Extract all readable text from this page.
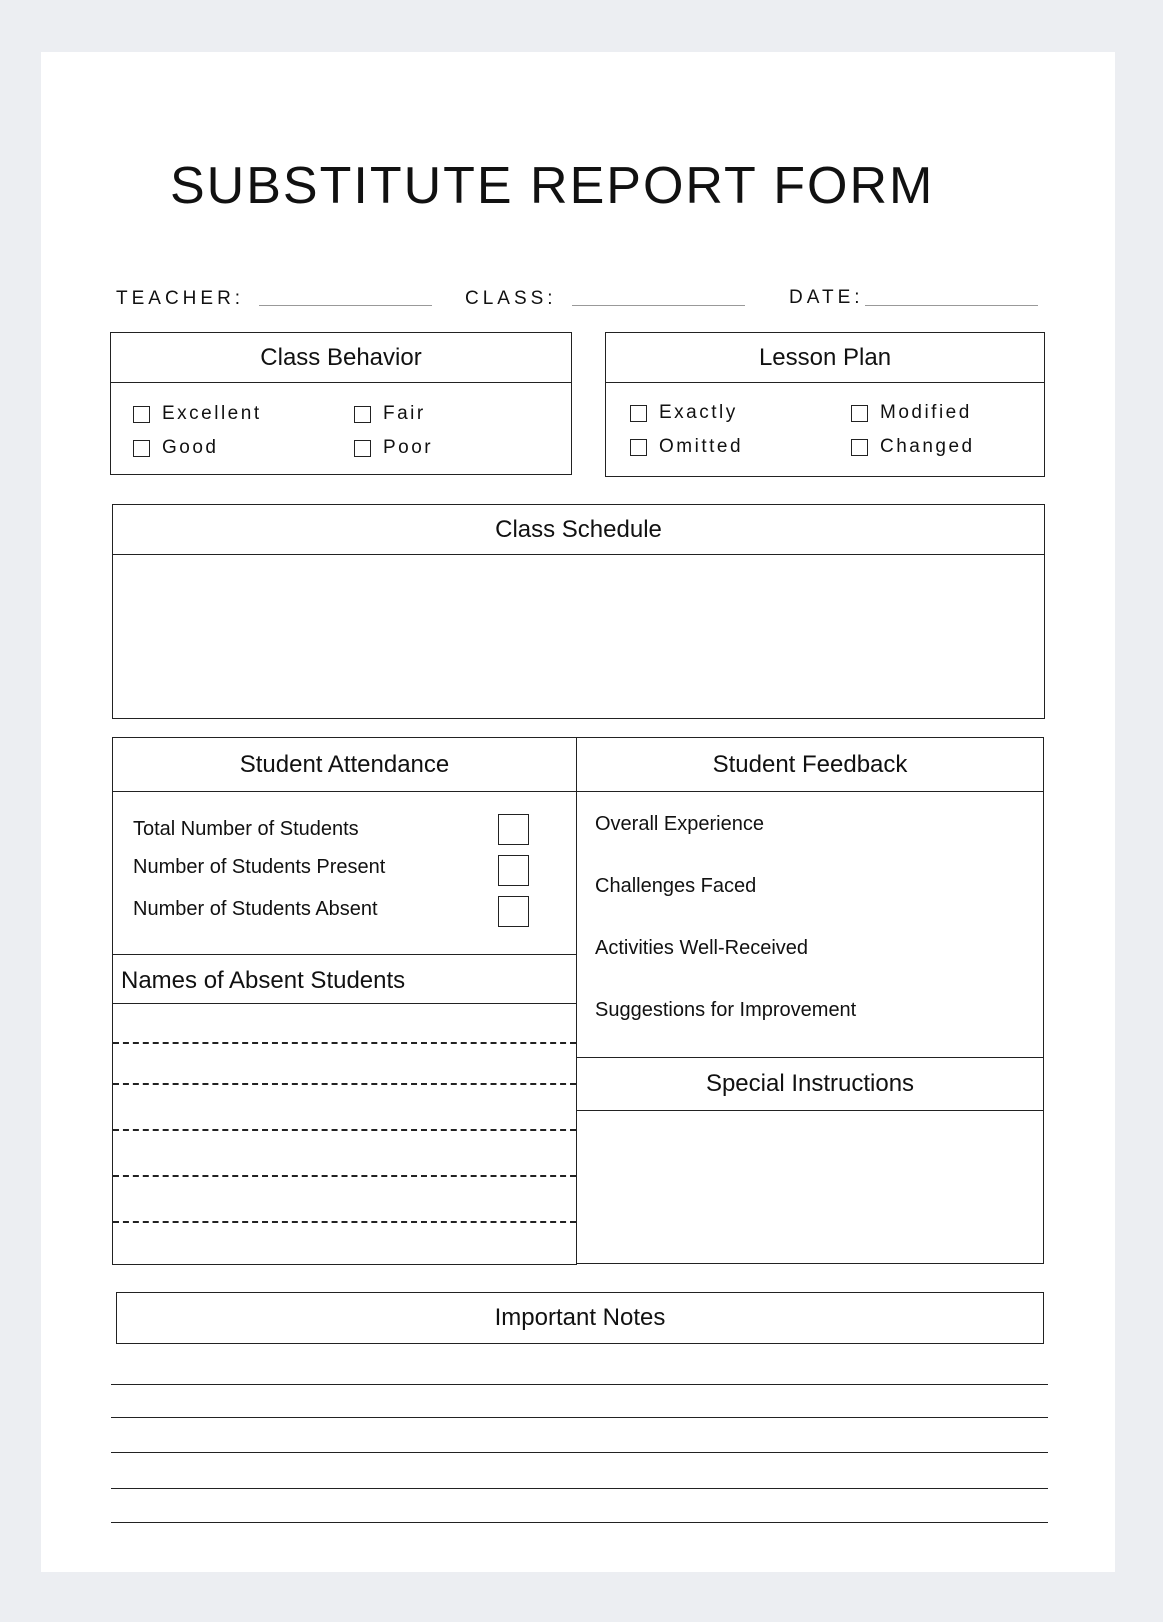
SUBSTITUTE REPORT FORM
TEACHER:	CLASS:	DATE:
Class Behavior
Excellent
Good
Fair
Poor
Lesson Plan
Exactly
Omitted
Modified
Changed
Class Schedule
Student Attendance
Total Number of Students
Number of Students Present
Number of Students Absent
Names of Absent Students
Student Feedback
Overall Experience
Challenges Faced
Activities Well-Received
Suggestions for Improvement
Special Instructions
Important Notes
